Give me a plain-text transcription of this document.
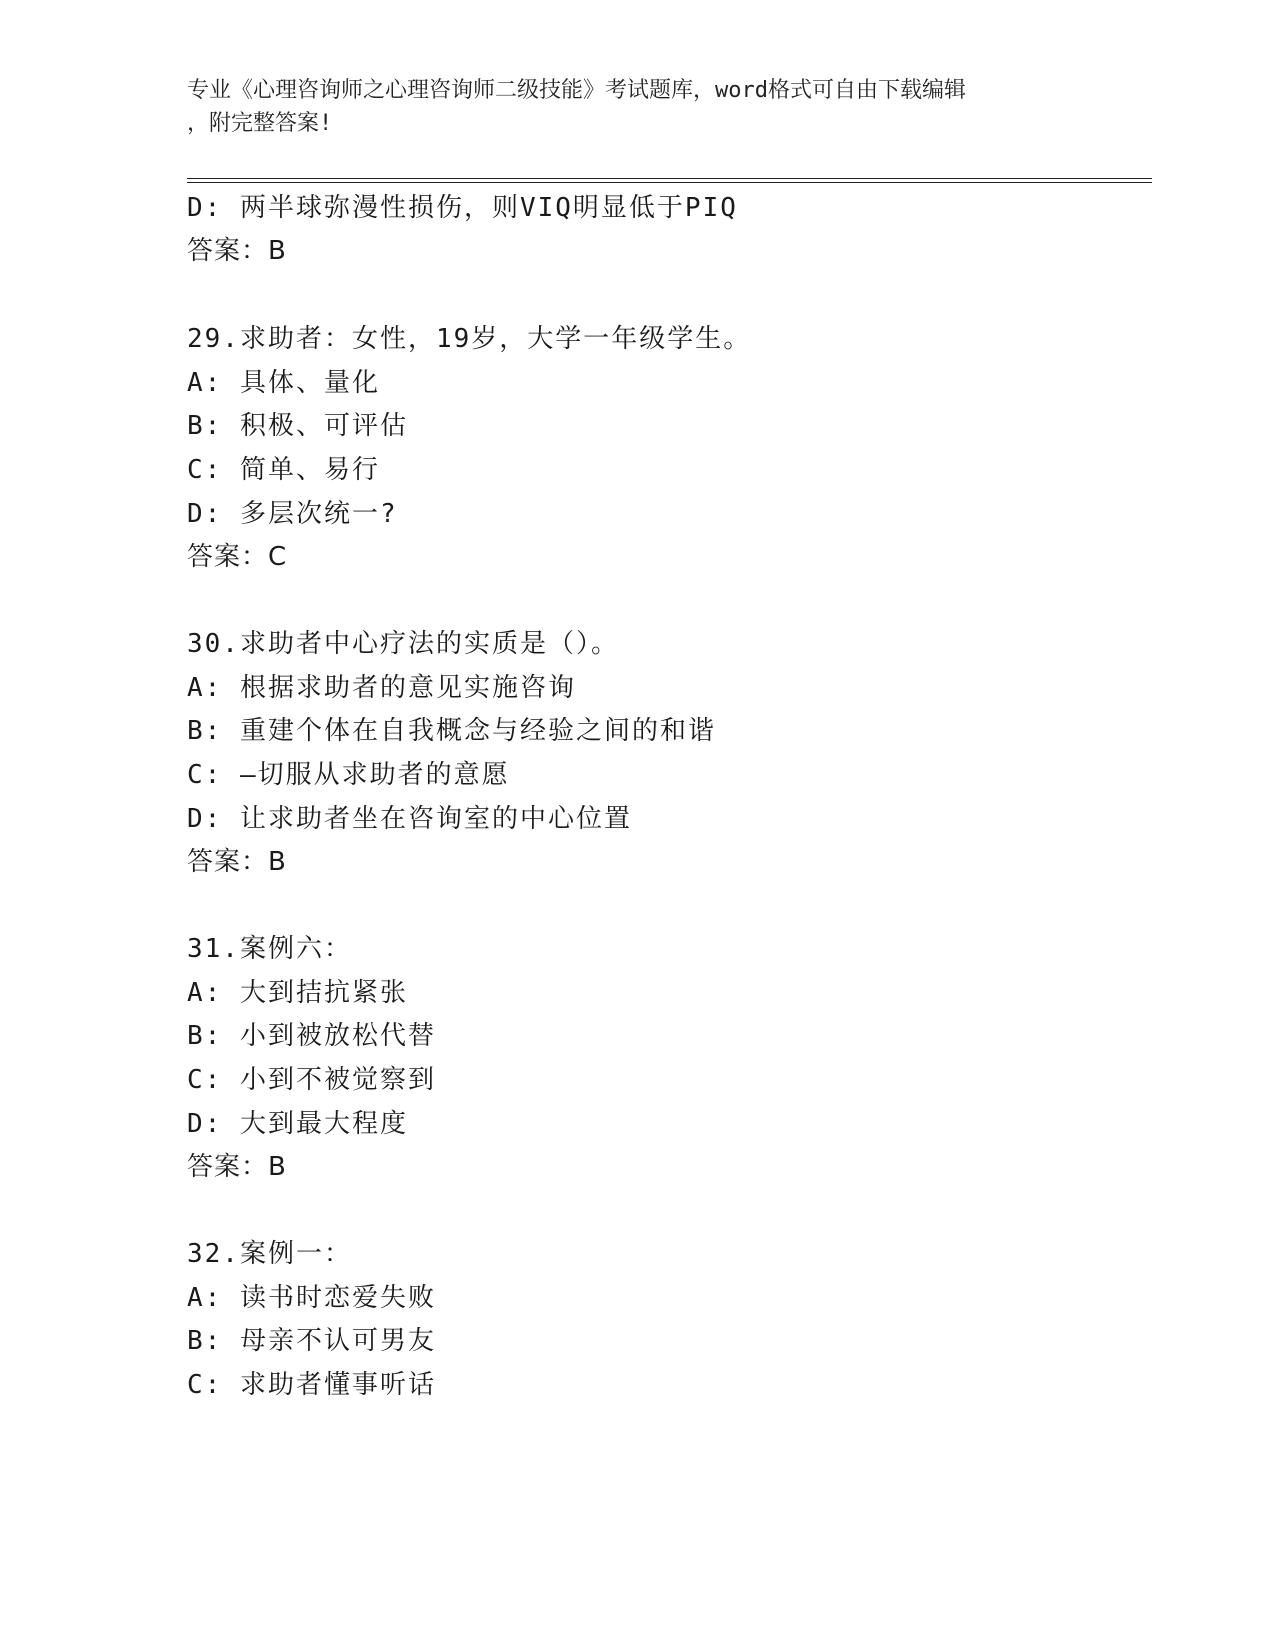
专业《心理咨询师之心理咨询师二级技能》考试题库，word格式可自由下载编辑
，附完整答案!
D: 两半球弥漫性损伤，则VIQ明显低于PIQ
答案：B
29.求助者：女性，19岁，大学一年级学生。
A: 具体、量化
B: 积极、可评估
C: 简单、易行
D: 多层次统一?
答案：C
30.求助者中心疗法的实质是（）。
A: 根据求助者的意见实施咨询
B: 重建个体在自我概念与经验之间的和谐
C: —切服从求助者的意愿
D: 让求助者坐在咨询室的中心位置
答案：B
31.案例六：
A: 大到拮抗紧张
B: 小到被放松代替
C: 小到不被觉察到
D: 大到最大程度
答案：B
32.案例一：
A: 读书时恋爱失败
B: 母亲不认可男友
C: 求助者懂事听话
